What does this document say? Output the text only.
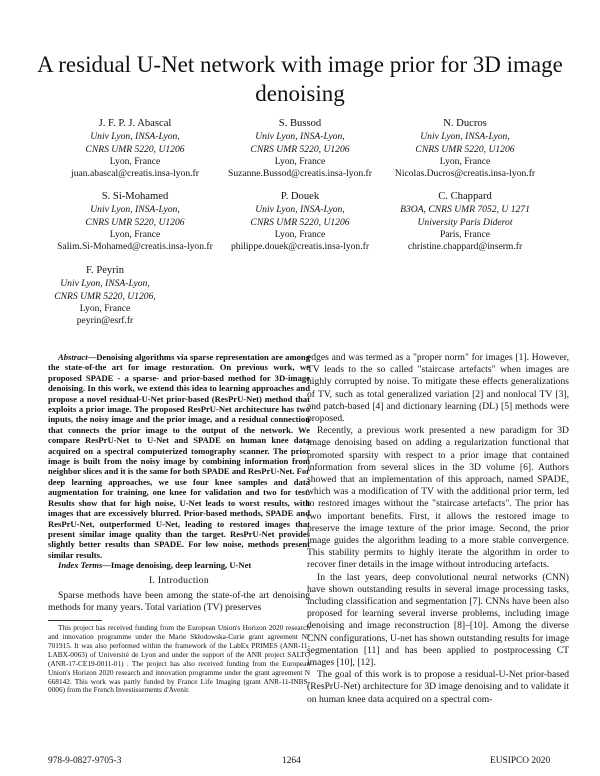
A residual U-Net network with image prior for 3D image denoising
J. F. P. J. Abascal
Univ Lyon, INSA-Lyon,
CNRS UMR 5220, U1206
Lyon, France
juan.abascal@creatis.insa-lyon.fr
S. Bussod
Univ Lyon, INSA-Lyon,
CNRS UMR 5220, U1206
Lyon, France
Suzanne.Bussod@creatis.insa-lyon.fr
N. Ducros
Univ Lyon, INSA-Lyon,
CNRS UMR 5220, U1206
Lyon, France
Nicolas.Ducros@creatis.insa-lyon.fr
S. Si-Mohamed
Univ Lyon, INSA-Lyon,
CNRS UMR 5220, U1206
Lyon, France
Salim.Si-Mohamed@creatis.insa-lyon.fr
P. Douek
Univ Lyon, INSA-Lyon,
CNRS UMR 5220, U1206
Lyon, France
philippe.douek@creatis.insa-lyon.fr
C. Chappard
B3OA, CNRS UMR 7052, U 1271
University Paris Diderot
Paris, France
christine.chappard@inserm.fr
F. Peyrin
Univ Lyon, INSA-Lyon,
CNRS UMR 5220, U1206,
Lyon, France
peyrin@esrf.fr

Abstract—Denoising algorithms via sparse representation are among the state-of-the art for image restoration. On previous work, we proposed SPADE - a sparse- and prior-based method for 3D-image denoising. In this work, we extend this idea to learning approaches and propose a novel residual-U-Net prior-based (ResPrU-Net) method that exploits a prior image. The proposed ResPrU-Net architecture has two inputs, the noisy image and the prior image, and a residual connection that connects the prior image to the output of the network. We compare ResPrU-Net to U-Net and SPADE on human knee data acquired on a spectral computerized tomography scanner. The prior image is built from the noisy image by combining information from neighbor slices and it is the same for both SPADE and ResPrU-Net. For deep learning approaches, we use four knee samples and data augmentation for training, one knee for validation and two for test. Results show that for high noise, U-Net leads to worst results, with images that are excessively blurred. Prior-based methods, SPADE and ResPrU-Net, outperformed U-Net, leading to restored images that present similar image quality than the target. ResPrU-Net provides slightly better results than SPADE. For low noise, methods present similar results.

Index Terms—Image denoising, deep learning, U-Net

I. Introduction

Sparse methods have been among the state-of-the art denoising methods for many years. Total variation (TV) preserves

This project has received funding from the European Union's Horizon 2020 research and innovation programme under the Marie Skłodowska-Curie grant agreement N° 701915. It was also performed within the framework of the LabEx PRIMES (ANR-11-LABX-0063) of Université de Lyon and under the support of the ANR project SALTO (ANR-17-CE19-0011-01) . The project has also received funding from the European Union's Horizon 2020 research and innovation programme under the grant agreement N 668142. This work was partly funded by France Life Imaging (grant ANR-11-INBS-0006) from the French Investissements d'Avenir.

edges and was termed as a "proper norm" for images [1]. However, TV leads to the so called "staircase artefacts" when images are highly corrupted by noise. To mitigate these effects generalizations of TV, such as total generalized variation [2] and nonlocal TV [3], and patch-based [4] and dictionary learning (DL) [5] methods were proposed.

Recently, a previous work presented a new paradigm for 3D image denoising based on adding a regularization functional that promoted sparsity with respect to a prior image that contained information from several slices in the 3D volume [6]. Authors showed that an implementation of this approach, named SPADE, which was a modification of TV with the additional prior term, led to restored images without the "staircase artefacts". The prior has two important benefits. First, it allows the restored image to preserve the image texture of the prior image. Second, the prior image guides the algorithm leading to a more stable convergence. This stability permits to highly iterate the algorithm in order to recover finer details in the image without introducing artefacts.

In the last years, deep convolutional neural networks (CNN) have shown outstanding results in several image processing tasks, including classification and segmentation [7]. CNNs have been also proposed for learning several inverse problems, including image denoising and image reconstruction [8]–[10]. Among the diverse CNN configurations, U-net has shown outstanding results for image segmentation [11] and has been applied to postprocessing CT images [10], [12].

The goal of this work is to propose a residual-U-Net prior-based (ResPrU-Net) architecture for 3D image denoising and to validate it on human knee data acquired on a spectral com-

978-9-0827-9705-3	1264	EUSIPCO 2020
